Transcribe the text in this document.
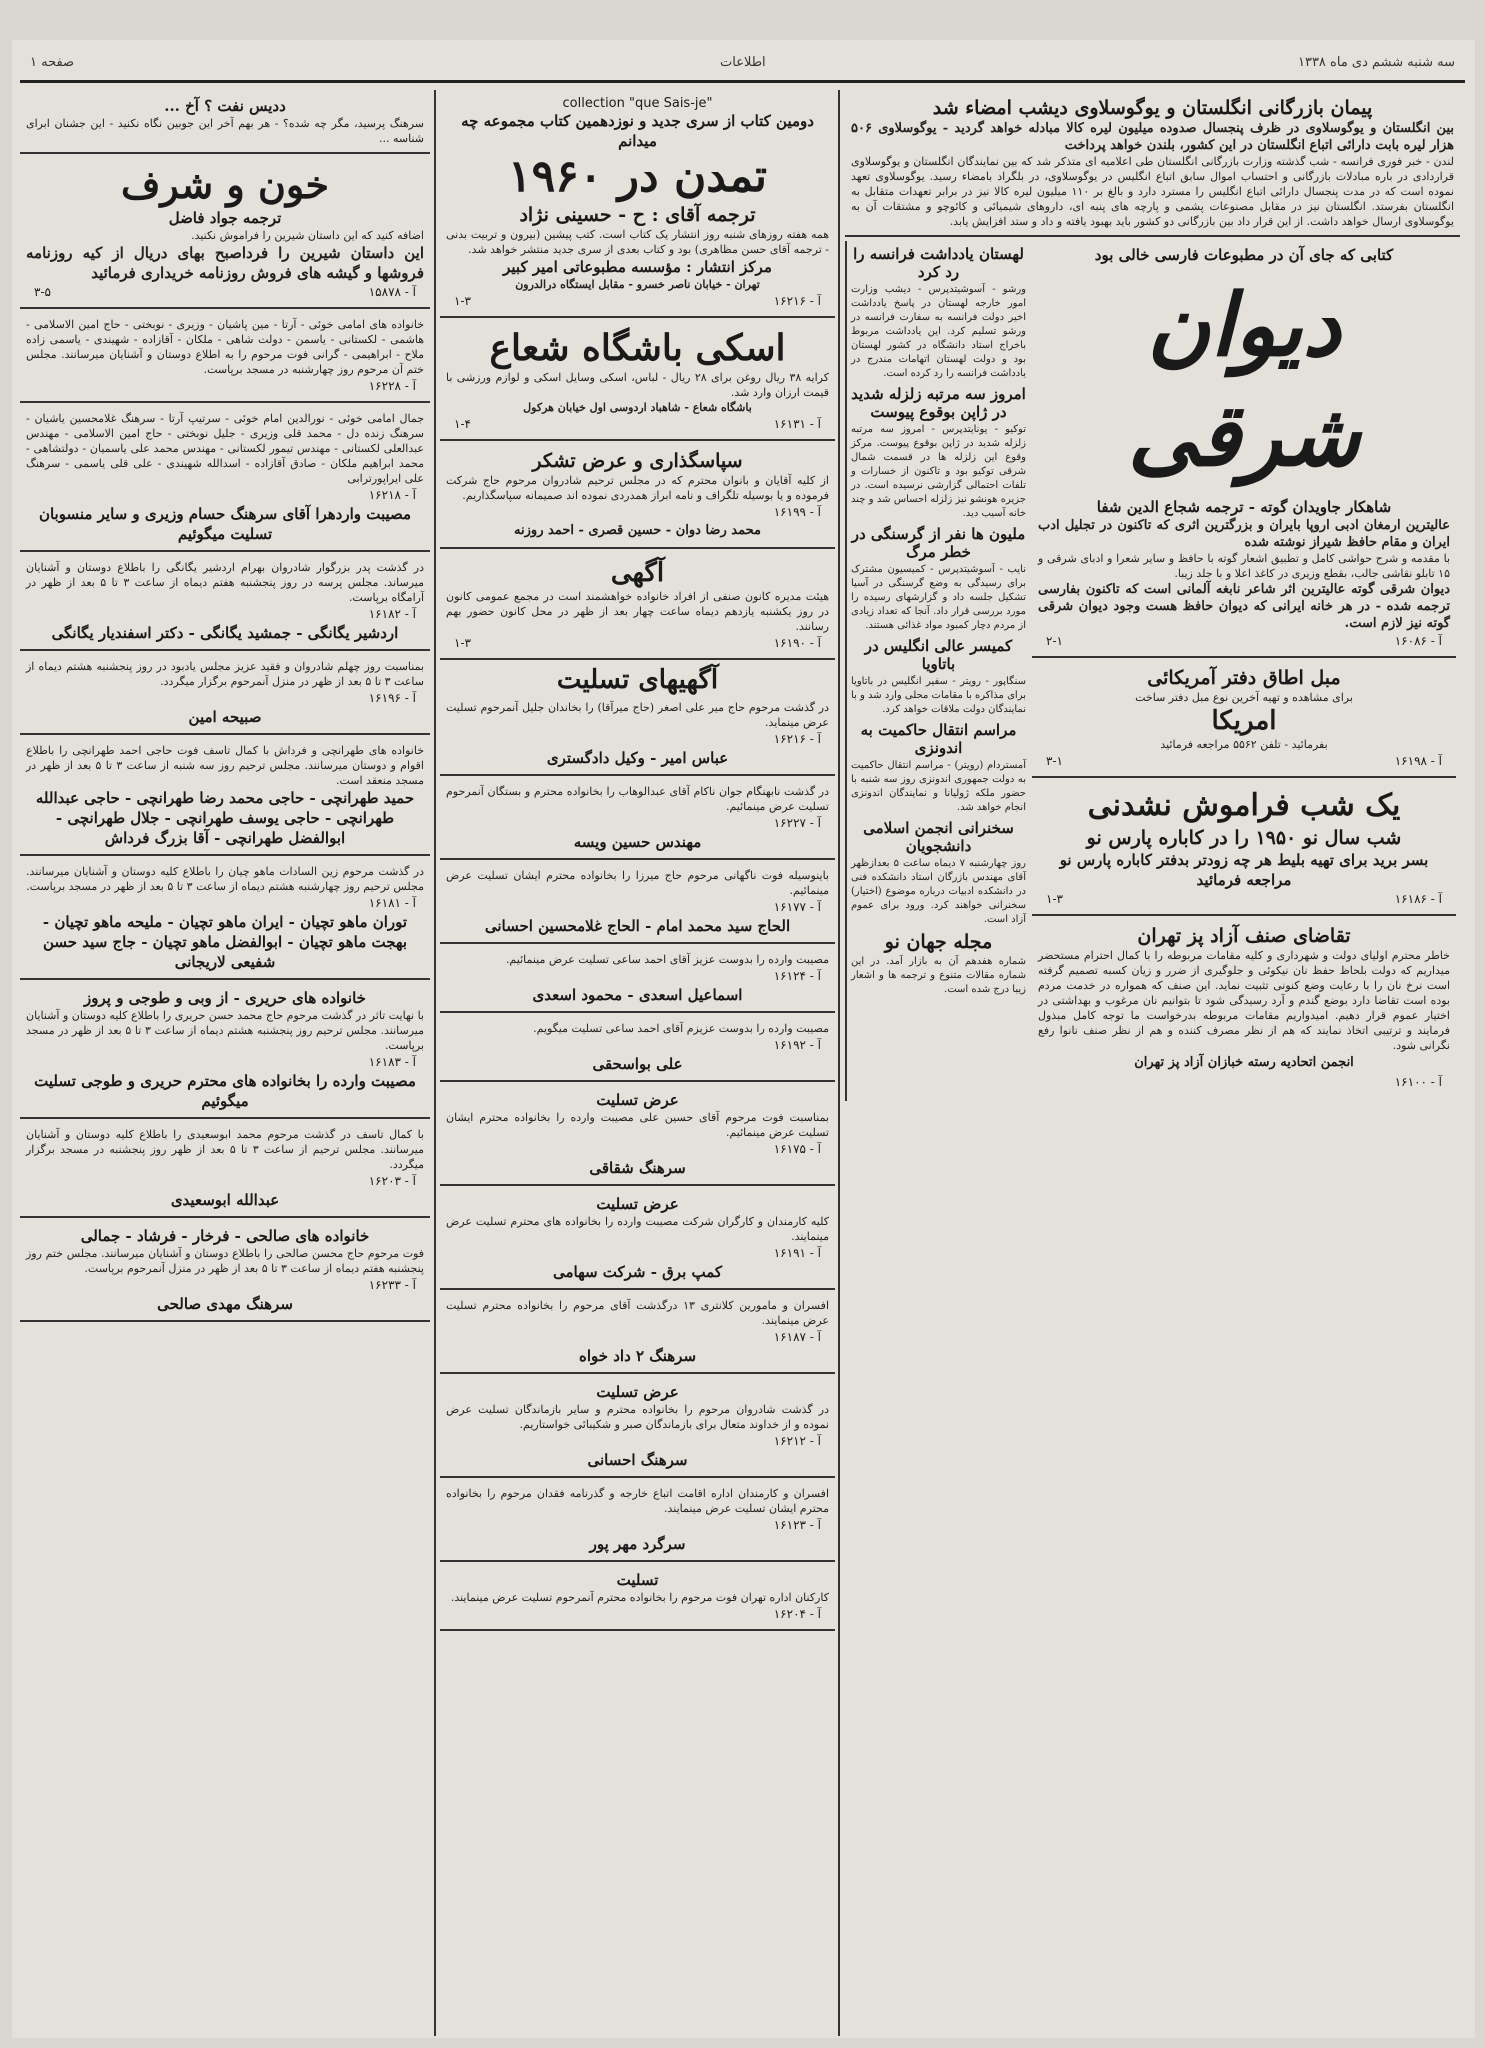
سه شنبه ششم دی ماه ۱۳۳۸
اطلاعات
صفحه ۱
پیمان بازرگانی انگلستان و یوگوسلاوی دیشب امضاء شد
بین انگلستان و یوگوسلاوی در ظرف پنجسال صدوده میلیون لیره کالا مبادله خواهد گردید - یوگوسلاوی ۵۰۶ هزار لیره بابت دارائی اتباع انگلستان در این کشور، بلندن خواهد پرداخت
لندن - خبر فوری فرانسه - شب گذشته وزارت بازرگانی انگلستان طی اعلامیه ای متذکر شد که بین نمایندگان انگلستان و یوگوسلاوی قراردادی در باره مبادلات بازرگانی و احتساب اموال سابق اتباع انگلیس در یوگوسلاوی، در بلگراد بامضاء رسید. یوگوسلاوی تعهد نموده است که در مدت پنجسال دارائی اتباع انگلیس را مسترد دارد و بالغ بر ۱۱۰ میلیون لیره کالا نیز در برابر تعهدات متقابل به انگلستان بفرستد. انگلستان نیز در مقابل مصنوعات پشمی و پارچه های پنبه ای، داروهای شیمیائی و کائوچو و مشتقات آن به یوگوسلاوی ارسال خواهد داشت. از این قرار داد بین بازرگانی دو کشور باید بهبود یافته و داد و ستد افزایش یابد.
کتابی که جای آن در مطبوعات فارسی خالی بود
دیوان شرقی
شاهکار جاویدان گوته - ترجمه شجاع الدین شفا
عالیترین ارمغان ادبی اروپا بایران و بزرگترین اثری که تاکنون در تجلیل ادب ایران و مقام حافظ شیراز نوشته شده
با مقدمه و شرح حواشی کامل و تطبیق اشعار گوته با حافظ و سایر شعرا و ادبای شرقی و ۱۵ تابلو نقاشی جالب، بقطع وزیری در کاغذ اعلا و با جلد زیبا.
دیوان شرقی گوته عالیترین اثر شاعر نابغه آلمانی است که تاکنون بفارسی ترجمه شده - در هر خانه ایرانی که دیوان حافظ هست وجود دیوان شرقی گوته نیز لازم است.
آ - ۱۶۰۸۶
۲-۱
مبل اطاق دفتر آمریکائی
برای مشاهده و تهیه آخرین نوع مبل دفتر ساخت
امریکا
بفرمائید - تلفن ۵۵۶۲ مراجعه فرمائید
آ - ۱۶۱۹۸
۳-۱
یک شب فراموش نشدنی
شب سال نو ۱۹۵۰ را در کاباره پارس نو
بسر برید برای تهیه بلیط هر چه زودتر بدفتر کاباره پارس نو مراجعه فرمائید
آ - ۱۶۱۸۶
۱-۳
تقاضای صنف آزاد پز تهران
خاطر محترم اولیای دولت و شهرداری و کلیه مقامات مربوطه را با کمال احترام مستحضر میداریم که دولت بلحاظ حفظ نان نیکوئی و جلوگیری از ضرر و زیان کسبه تصمیم گرفته است نرخ نان را با رعایت وضع کنونی تثبیت نماید. این صنف که همواره در خدمت مردم بوده است تقاضا دارد بوضع گندم و آرد رسیدگی شود تا بتوانیم نان مرغوب و بهداشتی در اختیار عموم قرار دهیم. امیدواریم مقامات مربوطه بدرخواست ما توجه کامل مبذول فرمایند و ترتیبی اتخاذ نمایند که هم از نظر مصرف کننده و هم از نظر صنف نانوا رفع نگرانی شود.
انجمن اتحادیه رسته خبازان آزاد پز تهران
آ - ۱۶۱۰۰
لهستان یادداشت فرانسه را رد کرد
ورشو - آسوشیتدپرس - دیشب وزارت امور خارجه لهستان در پاسخ یادداشت اخیر دولت فرانسه به سفارت فرانسه در ورشو تسلیم کرد. این یادداشت مربوط باخراج استاد دانشگاه در کشور لهستان بود و دولت لهستان اتهامات مندرج در یادداشت فرانسه را رد کرده است.
امروز سه مرتبه زلزله شدید در ژاپن بوقوع پیوست
توکیو - یونایتدپرس - امروز سه مرتبه زلزله شدید در ژاپن بوقوع پیوست. مرکز وقوع این زلزله ها در قسمت شمال شرقی توکیو بود و تاکنون از خسارات و تلفات احتمالی گزارشی نرسیده است. در جزیره هونشو نیز زلزله احساس شد و چند خانه آسیب دید.
ملیون ها نفر از گرسنگی در خطر مرگ
نایب - آسوشیتدپرس - کمیسیون مشترک برای رسیدگی به وضع گرسنگی در آسیا تشکیل جلسه داد و گزارشهای رسیده را مورد بررسی قرار داد. آنجا که تعداد زیادی از مردم دچار کمبود مواد غذائی هستند.
کمیسر عالی انگلیس در باتاویا
سنگاپور - رویتر - سفیر انگلیس در باتاویا برای مذاکره با مقامات محلی وارد شد و با نمایندگان دولت ملاقات خواهد کرد.
مراسم انتقال حاکمیت به اندونزی
آمستردام (رویتر) - مراسم انتقال حاکمیت به دولت جمهوری اندونزی روز سه شنبه با حضور ملکه ژولیانا و نمایندگان اندونزی انجام خواهد شد.
سخنرانی انجمن اسلامی دانشجویان
روز چهارشنبه ۷ دیماه ساعت ۵ بعدازظهر آقای مهندس بازرگان استاد دانشکده فنی در دانشکده ادبیات درباره موضوع (اختیار) سخنرانی خواهند کرد. ورود برای عموم آزاد است.
مجله جهان نو
شماره هفدهم آن به بازار آمد. در این شماره مقالات متنوع و ترجمه ها و اشعار زیبا درج شده است.
collection "que Sais-je"
دومین کتاب از سری جدید و نوزدهمین کتاب مجموعه چه میدانم
تمدن در ۱۹۶۰
ترجمه آقای : ح - حسینی نژاد
همه هفته روزهای شنبه روز انتشار یک کتاب است. کتب پیشین (بیرون و تربیت بدنی - ترجمه آقای حسن مظاهری) بود و کتاب بعدی از سری جدید منتشر خواهد شد.
مرکز انتشار : مؤسسه مطبوعاتی امیر کبیر
تهران - خیابان ناصر خسرو - مقابل ایستگاه درالدرون
آ - ۱۶۲۱۶
۱-۳
اسکی باشگاه شعاع
کرایه ۳۸ ریال روغن برای ۲۸ ریال - لباس، اسکی وسایل اسکی و لوازم ورزشی با قیمت ارزان وارد شد.
باشگاه شعاع - شاهباد اردوسی اول خیابان هرکول
آ - ۱۶۱۳۱
۱-۴
سپاسگذاری و عرض تشکر
از کلیه آقایان و بانوان محترم که در مجلس ترحیم شادروان مرحوم حاج شرکت فرموده و یا بوسیله تلگراف و نامه ابراز همدردی نموده اند صمیمانه سپاسگذاریم.
آ - ۱۶۱۹۹
محمد رضا دوان - حسین قصری - احمد روزنه
آگهی
هیئت مدیره کانون صنفی از افراد خانواده خواهشمند است در مجمع عمومی کانون در روز یکشنبه یازدهم دیماه ساعت چهار بعد از ظهر در محل کانون حضور بهم رسانند.
آ - ۱۶۱۹۰
۱-۳
آگهیهای تسلیت
در گذشت مرحوم حاج میر علی اصغر (حاج میرآقا) را بخاندان جلیل آنمرحوم تسلیت عرض مینماید.
آ - ۱۶۲۱۶
عباس امیر - وکیل دادگستری
در گذشت نابهنگام جوان ناکام آقای عبدالوهاب را بخانواده محترم و بستگان آنمرحوم تسلیت عرض مینمائیم.
آ - ۱۶۲۲۷
مهندس حسین ویسه
باینوسیله فوت ناگهانی مرحوم حاج میرزا را بخانواده محترم ایشان تسلیت عرض مینمائیم.
آ - ۱۶۱۷۷
الحاج سید محمد امام - الحاج غلامحسین احسانی
مصیبت وارده را بدوست عزیز آقای احمد ساعی تسلیت عرض مینمائیم.
آ - ۱۶۱۲۴
اسماعیل اسعدی - محمود اسعدی
مصیبت وارده را بدوست عزیزم آقای احمد ساعی تسلیت میگویم.
آ - ۱۶۱۹۲
علی بواسحقی
عرض تسلیت
بمناسبت فوت مرحوم آقای حسین علی مصیبت وارده را بخانواده محترم ایشان تسلیت عرض مینمائیم.
آ - ۱۶۱۷۵
سرهنگ شقاقی
عرض تسلیت
کلیه کارمندان و کارگران شرکت مصیبت وارده را بخانواده های محترم تسلیت عرض مینمایند.
آ - ۱۶۱۹۱
کمپ برق - شرکت سهامی
افسران و مامورین کلانتری ۱۳ درگذشت آقای مرحوم را بخانواده محترم تسلیت عرض مینمایند.
آ - ۱۶۱۸۷
سرهنگ ۲ داد خواه
عرض تسلیت
در گذشت شادروان مرحوم را بخانواده محترم و سایر بازماندگان تسلیت عرض نموده و از خداوند متعال برای بازماندگان صبر و شکیبائی خواستاریم.
آ - ۱۶۲۱۲
سرهنگ احسانی
افسران و کارمندان اداره اقامت اتباع خارجه و گذرنامه فقدان مرحوم را بخانواده محترم ایشان تسلیت عرض مینمایند.
آ - ۱۶۱۲۳
سرگرد مهر پور
تسلیت
کارکنان اداره تهران فوت مرحوم را بخانواده محترم آنمرحوم تسلیت عرض مینمایند.
آ - ۱۶۲۰۴
ددیس نفت ؟ آخ ...
سرهنگ پرسید، مگر چه شده؟ - هر بهم آخر این جوبین نگاه نکنید - این جشنان ابرای شناسه ...
خون و شرف
ترجمه جواد فاضل
اضافه کنید که این داستان شیرین را فراموش نکنید.
این داستان شیرین را فرداصبح بهای دریال از کیه روزنامه فروشها و گیشه های فروش روزنامه خریداری فرمائید
آ - ۱۵۸۷۸
۳-۵
خانواده های امامی خوئی - آرتا - مین پاشیان - وزیری - نوبختی - حاج امین الاسلامی - هاشمی - لکستانی - یاسمن - دولت شاهی - ملکان - آقازاده - شهیندی - یاسمی زاده ملاح - ابراهیمی - گرانی فوت مرحوم را به اطلاع دوستان و آشنایان میرسانند. مجلس ختم آن مرحوم روز چهارشنبه در مسجد برپاست.
آ - ۱۶۲۲۸
جمال امامی خوئی - نورالدین امام خوئی - سرتیپ آرتا - سرهنگ غلامحسین یاشیان - سرهنگ زنده دل - محمد قلی وزیری - جلیل نوبختی - حاج امین الاسلامی - مهندس عبدالعلی لکستانی - مهندس تیمور لکستانی - مهندس محمد علی یاسمیان - دولتشاهی - محمد ابراهیم ملکان - صادق آقازاده - اسدالله شهیندی - علی قلی یاسمی - سرهنگ علی ایراپورترابی
آ - ۱۶۲۱۸
مصیبت واردهرا آقای سرهنگ حسام وزیری و سایر منسوبان تسلیت میگوئیم
در گذشت پدر بزرگوار شادروان بهرام اردشیر یگانگی را باطلاع دوستان و آشنایان میرساند. مجلس پرسه در روز پنجشنبه هفتم دیماه از ساعت ۳ تا ۵ بعد از ظهر در آرامگاه برپاست.
آ - ۱۶۱۸۲
اردشیر یگانگی - جمشید یگانگی - دکتر اسفندیار یگانگی
بمناسبت روز چهلم شادروان و فقید عزیز مجلس یادبود در روز پنجشنبه هشتم دیماه از ساعت ۳ تا ۵ بعد از ظهر در منزل آنمرحوم برگزار میگردد.
آ - ۱۶۱۹۶
صبیحه امین
خانواده های طهرانچی و فرداش با کمال تاسف فوت حاجی احمد طهرانچی را باطلاع اقوام و دوستان میرسانند. مجلس ترحیم روز سه شنبه از ساعت ۳ تا ۵ بعد از ظهر در مسجد منعقد است.
حمید طهرانچی - حاجی محمد رضا طهرانچی - حاجی عبدالله طهرانچی - حاجی یوسف طهرانچی - جلال طهرانچی - ابوالفضل طهرانچی - آقا بزرگ فرداش
در گذشت مرحوم زین السادات ماهو چیان را باطلاع کلیه دوستان و آشنایان میرسانند. مجلس ترحیم روز چهارشنبه هشتم دیماه از ساعت ۳ تا ۵ بعد از ظهر در مسجد برپاست.
آ - ۱۶۱۸۱
توران ماهو تچیان - ایران ماهو تچیان - ملیحه ماهو تچیان - بهجت ماهو تچیان - ابوالفضل ماهو تچیان - جاج سید حسن شفیعی لاریجانی
خانواده های حریری - از وبی و طوجی و پروز
با نهایت تاثر در گذشت مرحوم حاج محمد حسن حریری را باطلاع کلیه دوستان و آشنایان میرسانند. مجلس ترحیم روز پنجشنبه هشتم دیماه از ساعت ۳ تا ۵ بعد از ظهر در مسجد برپاست.
آ - ۱۶۱۸۳
مصیبت وارده را بخانواده های محترم حریری و طوجی تسلیت میگوئیم
با کمال تاسف در گذشت مرحوم محمد ابوسعیدی را باطلاع کلیه دوستان و آشنایان میرسانند. مجلس ترحیم از ساعت ۳ تا ۵ بعد از ظهر روز پنجشنبه در مسجد برگزار میگردد.
آ - ۱۶۲۰۳
عبدالله ابوسعیدی
خانواده های صالحی - فرخار - فرشاد - جمالی
فوت مرحوم حاج محسن صالحی را باطلاع دوستان و آشنایان میرسانند. مجلس ختم روز پنجشنبه هفتم دیماه از ساعت ۳ تا ۵ بعد از ظهر در منزل آنمرحوم برپاست.
آ - ۱۶۲۳۳
سرهنگ مهدی صالحی
